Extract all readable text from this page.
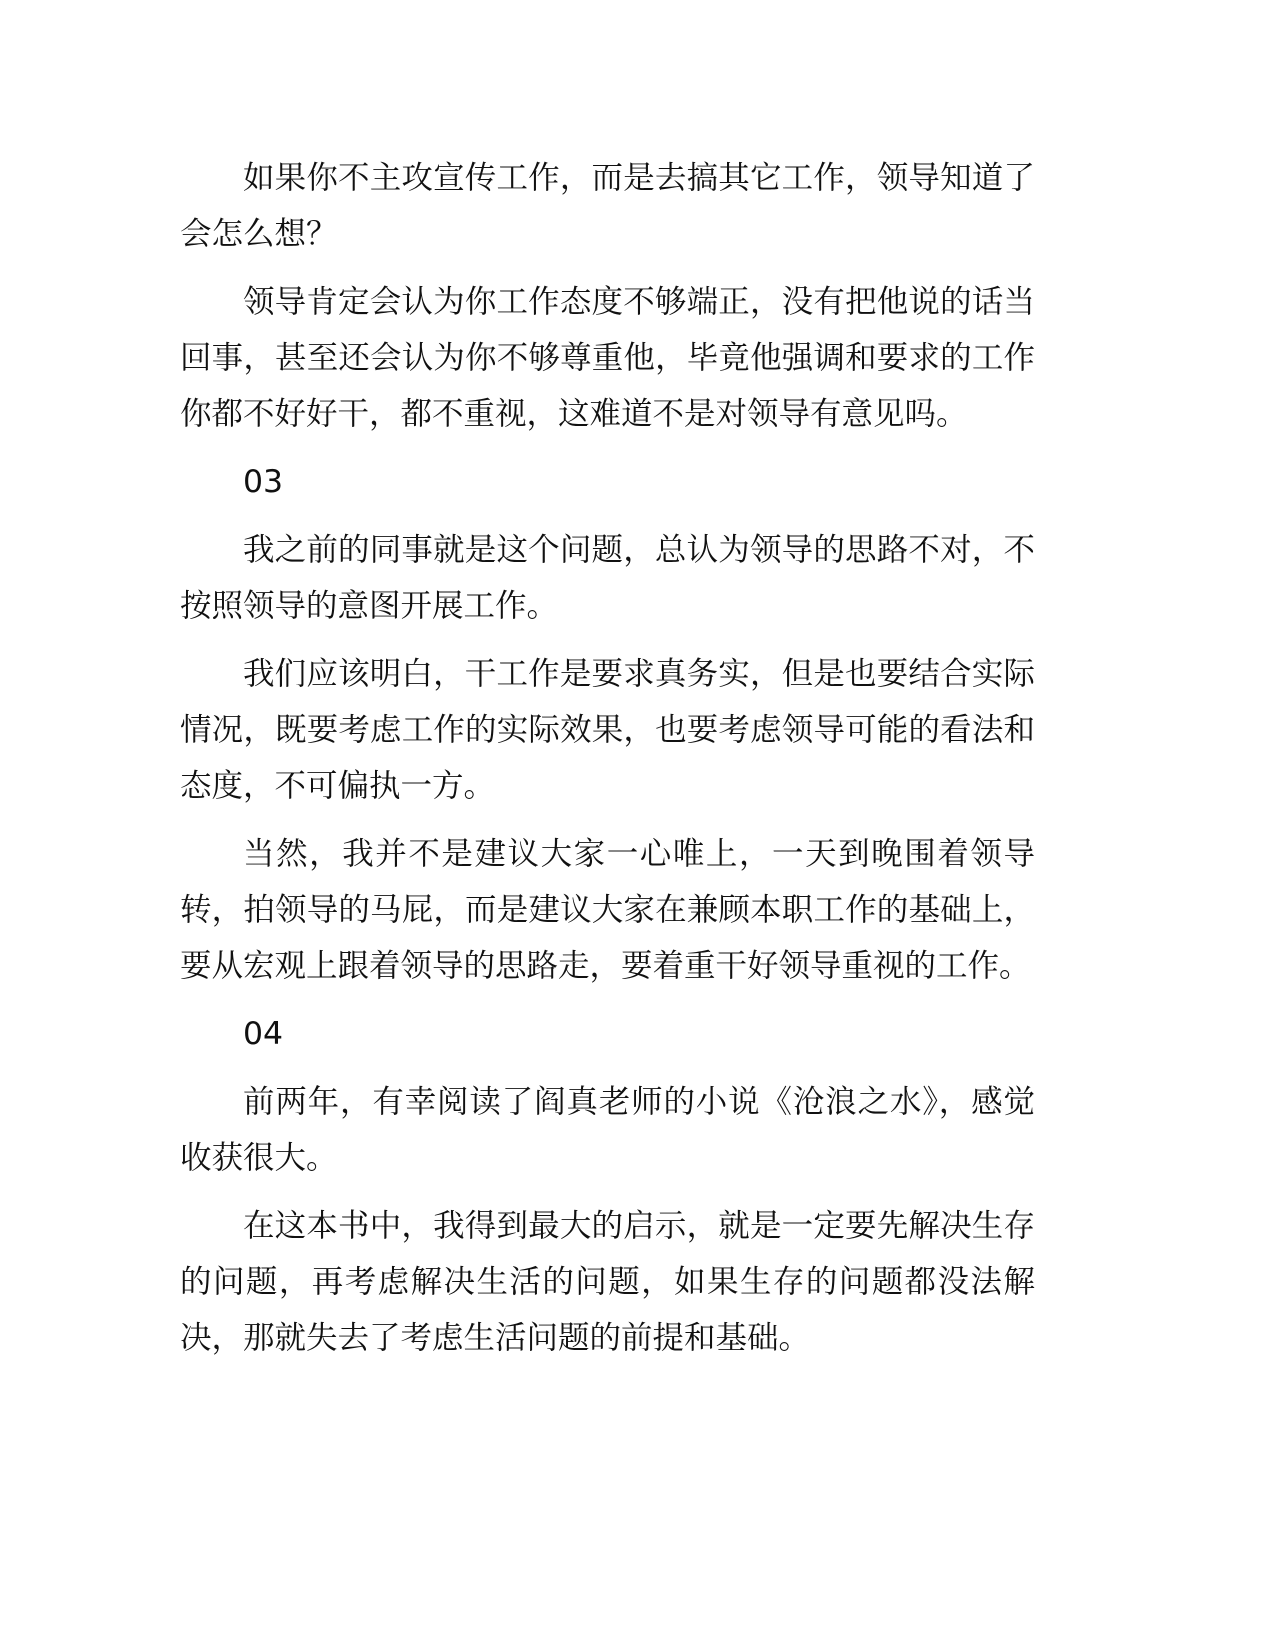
如果你不主攻宣传工作，而是去搞其它工作，领导知道了会怎么想？

领导肯定会认为你工作态度不够端正，没有把他说的话当回事，甚至还会认为你不够尊重他，毕竟他强调和要求的工作你都不好好干，都不重视，这难道不是对领导有意见吗。

03

我之前的同事就是这个问题，总认为领导的思路不对，不按照领导的意图开展工作。

我们应该明白，干工作是要求真务实，但是也要结合实际情况，既要考虑工作的实际效果，也要考虑领导可能的看法和态度，不可偏执一方。

当然，我并不是建议大家一心唯上，一天到晚围着领导转，拍领导的马屁，而是建议大家在兼顾本职工作的基础上，要从宏观上跟着领导的思路走，要着重干好领导重视的工作。

04

前两年，有幸阅读了阎真老师的小说《沧浪之水》，感觉收获很大。

在这本书中，我得到最大的启示，就是一定要先解决生存的问题，再考虑解决生活的问题，如果生存的问题都没法解决，那就失去了考虑生活问题的前提和基础。
